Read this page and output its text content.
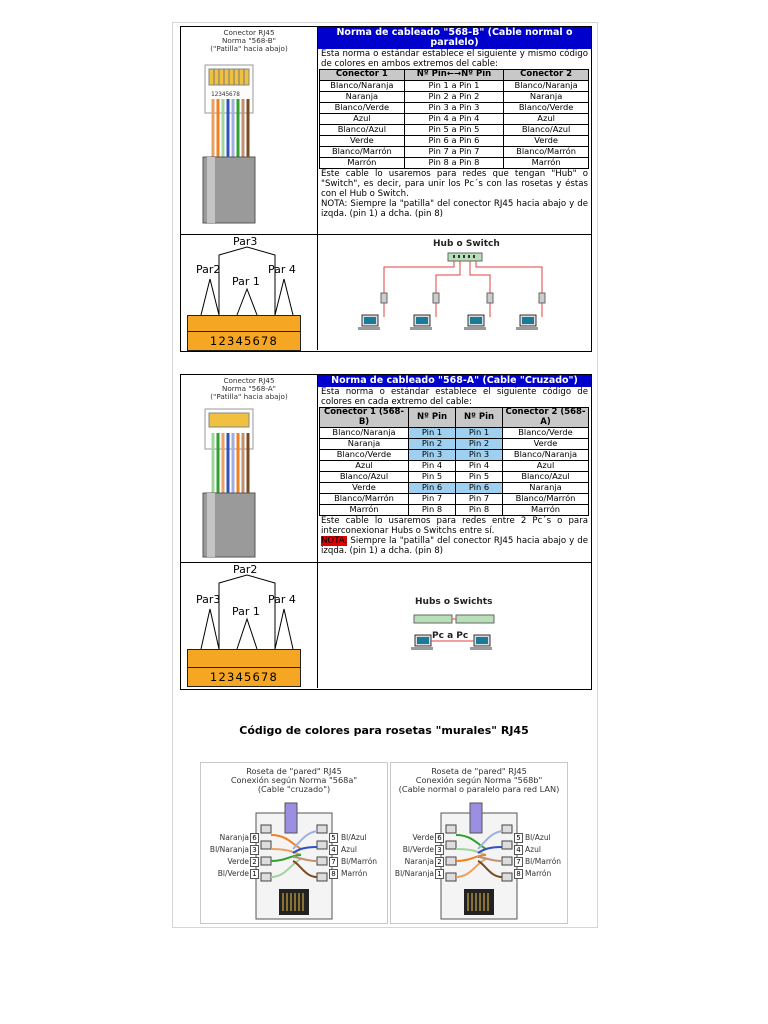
Conector RJ45
Norma "568-B"
("Patilla" hacia abajo)
12345678
Norma de cableado "568-B" (Cable normal o paralelo)
Esta norma o estándar establece el siguiente y mismo código de colores en ambos extremos del cable:
Conector 1	Nº Pin←→Nº Pin	Conector 2
Blanco/Naranja	Pin 1 a Pin 1	Blanco/Naranja
Naranja	Pin 2 a Pin 2	Naranja
Blanco/Verde	Pin 3 a Pin 3	Blanco/Verde
Azul	Pin 4 a Pin 4	Azul
Blanco/Azul	Pin 5 a Pin 5	Blanco/Azul
Verde	Pin 6 a Pin 6	Verde
Blanco/Marrón	Pin 7 a Pin 7	Blanco/Marrón
Marrón	Pin 8 a Pin 8	Marrón
Este cable lo usaremos para redes que tengan "Hub" o "Switch", es decir, para unir los Pc´s con las rosetas y éstas con el Hub o Switch.
NOTA: Siempre la "patilla" del conector RJ45 hacia abajo y de izqda. (pin 1) a dcha. (pin 8)
Par3
Par2
Par 1
Par 4
12345678
Hub o Switch
Conector RJ45
Norma "568-A"
("Patilla" hacia abajo)
Norma de cableado "568-A" (Cable "Cruzado")
Esta norma o estándar establece el siguiente código de colores en cada extremo del cable:
Conector 1 (568-B)	Nº Pin	Nº Pin	Conector 2 (568-A)
Blanco/Naranja	Pin 1	Pin 1	Blanco/Verde
Naranja	Pin 2	Pin 2	Verde
Blanco/Verde	Pin 3	Pin 3	Blanco/Naranja
Azul	Pin 4	Pin 4	Azul
Blanco/Azul	Pin 5	Pin 5	Blanco/Azul
Verde	Pin 6	Pin 6	Naranja
Blanco/Marrón	Pin 7	Pin 7	Blanco/Marrón
Marrón	Pin 8	Pin 8	Marrón
Este cable lo usaremos para redes entre 2 Pc´s o para interconexionar Hubs o Switchs entre sí.
NOTA: Siempre la "patilla" del conector RJ45 hacia abajo y de izqda. (pin 1) a dcha. (pin 8)
Par2
Par3
Par 1
Par 4
12345678
Hubs o Swichts
Pc a Pc
Código de colores para rosetas "murales" RJ45
Roseta de "pared" RJ45
Conexión según Norma "568a"
(Cable "cruzado")
Naranja
Bl/Naranja
Verde
Bl/Verde
6
3
2
1
5
4
7
8
Bl/Azul
Azul
Bl/Marrón
Marrón
Roseta de "pared" RJ45
Conexión según Norma "568b"
(Cable normal o paralelo para red LAN)
Verde
Bl/Verde
Naranja
Bl/Naranja
6
3
2
1
5
4
7
8
Bl/Azul
Azul
Bl/Marrón
Marrón
